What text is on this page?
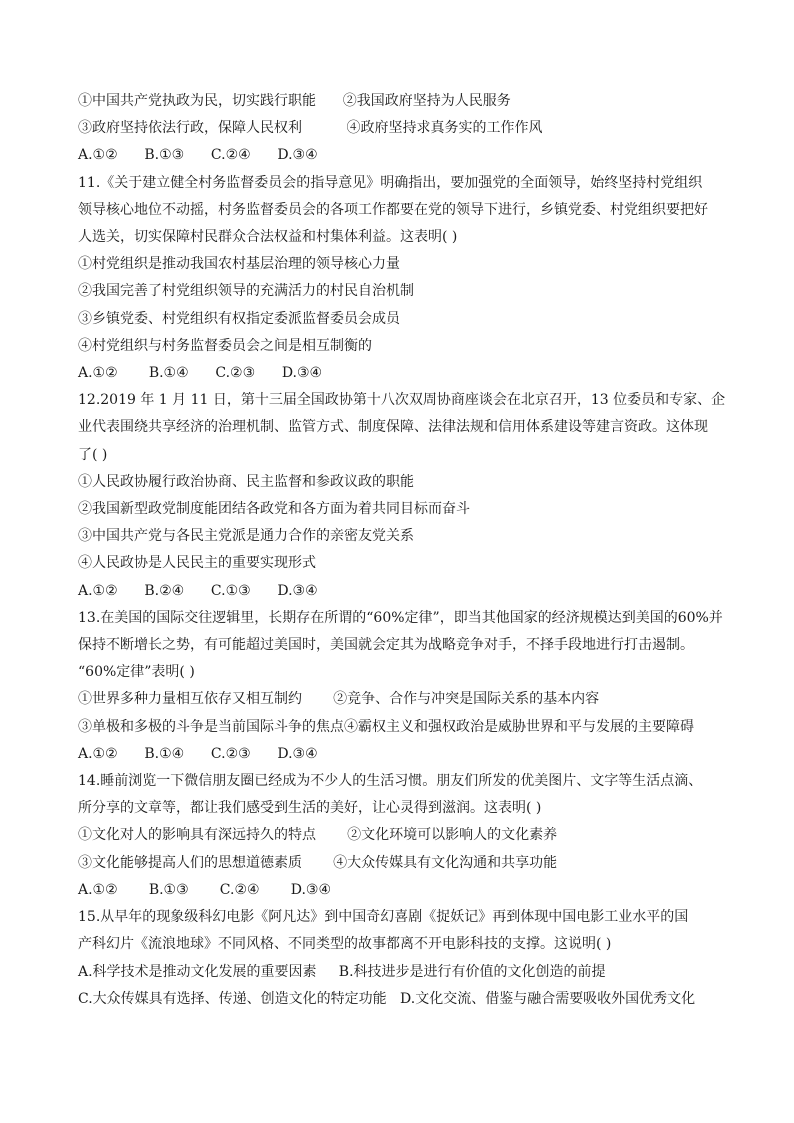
①中国共产党执政为民，切实践行职能      ②我国政府坚持为人民服务
③政府坚持依法行政，保障人民权利          ④政府坚持求真务实的工作作风
A.①②      B.①③      C.②④      D.③④
11.《关于建立健全村务监督委员会的指导意见》明确指出，要加强党的全面领导，始终坚持村党组织
领导核心地位不动摇，村务监督委员会的各项工作都要在党的领导下进行，乡镇党委、村党组织要把好
人选关，切实保障村民群众合法权益和村集体利益。这表明( )
①村党组织是推动我国农村基层治理的领导核心力量
②我国完善了村党组织领导的充满活力的村民自治机制
③乡镇党委、村党组织有权指定委派监督委员会成员
④村党组织与村务监督委员会之间是相互制衡的
A.①②       B.①④      C.②③      D.③④
12.2019 年 1 月 11 日，第十三届全国政协第十八次双周协商座谈会在北京召开，13 位委员和专家、企
业代表围绕共享经济的治理机制、监管方式、制度保障、法律法规和信用体系建设等建言资政。这体现
了( )
①人民政协履行政治协商、民主监督和参政议政的职能
②我国新型政党制度能团结各政党和各方面为着共同目标而奋斗
③中国共产党与各民主党派是通力合作的亲密友党关系
④人民政协是人民民主的重要实现形式
A.①②      B.②④      C.①③      D.③④
13.在美国的国际交往逻辑里，长期存在所谓的“60%定律”，即当其他国家的经济规模达到美国的60%并
保持不断增长之势，有可能超过美国时，美国就会定其为战略竞争对手，不择手段地进行打击遏制。
“60%定律”表明( )
①世界多种力量相互依存又相互制约       ②竞争、合作与冲突是国际关系的基本内容
③单极和多极的斗争是当前国际斗争的焦点④霸权主义和强权政治是威胁世界和平与发展的主要障碍
A.①②      B.①④      C.②③      D.③④
14.睡前浏览一下微信朋友圈已经成为不少人的生活习惯。朋友们所发的优美图片、文字等生活点滴、
所分享的文章等，都让我们感受到生活的美好，让心灵得到滋润。这表明( )
①文化对人的影响具有深远持久的特点       ②文化环境可以影响人的文化素养
③文化能够提高人们的思想道德素质       ④大众传媒具有文化沟通和共享功能
A.①②       B.①③       C.②④       D.③④
15.从早年的现象级科幻电影《阿凡达》到中国奇幻喜剧《捉妖记》再到体现中国电影工业水平的国
产科幻片《流浪地球》不同风格、不同类型的故事都离不开电影科技的支撑。这说明( )
A.科学技术是推动文化发展的重要因素     B.科技进步是进行有价值的文化创造的前提
C.大众传媒具有选择、传递、创造文化的特定功能   D.文化交流、借鉴与融合需要吸收外国优秀文化
